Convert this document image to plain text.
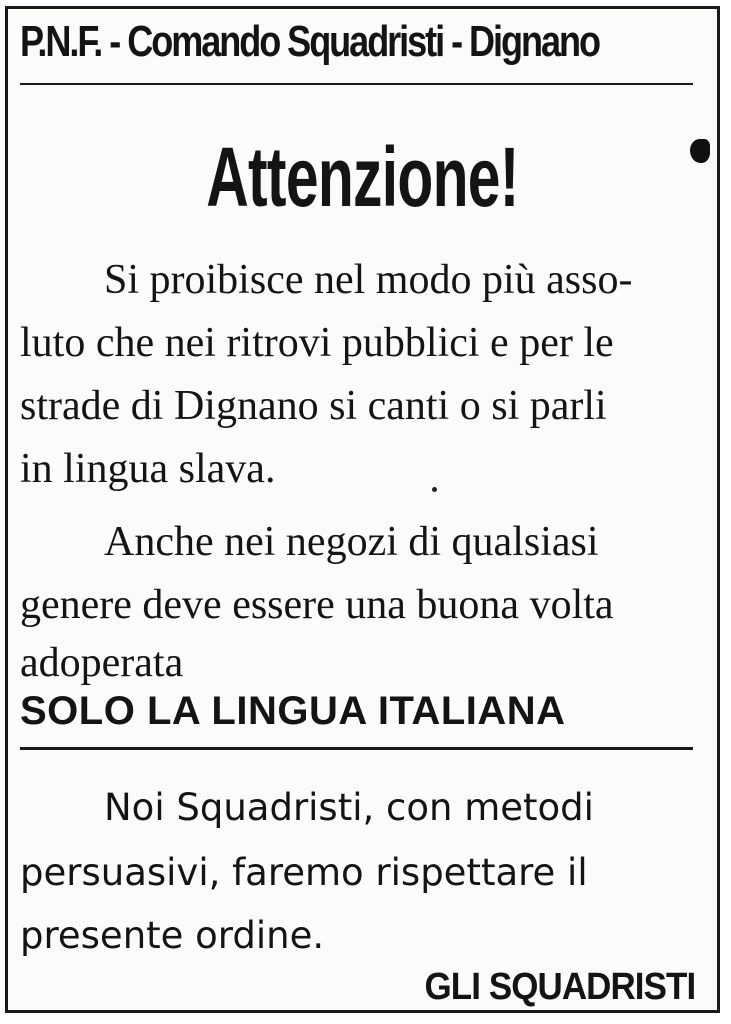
P.N.F. - Comando Squadristi - Dignano
Attenzione!
Si proibisce nel modo più asso-
luto che nei ritrovi pubblici e per le
strade di Dignano si canti o si parli
in lingua slava.
Anche nei negozi di qualsiasi
genere deve essere una buona volta
adoperata
SOLO LA LINGUA ITALIANA
Noi Squadristi, con metodi
persuasivi, faremo rispettare il
presente ordine.
GLI SQUADRISTI
